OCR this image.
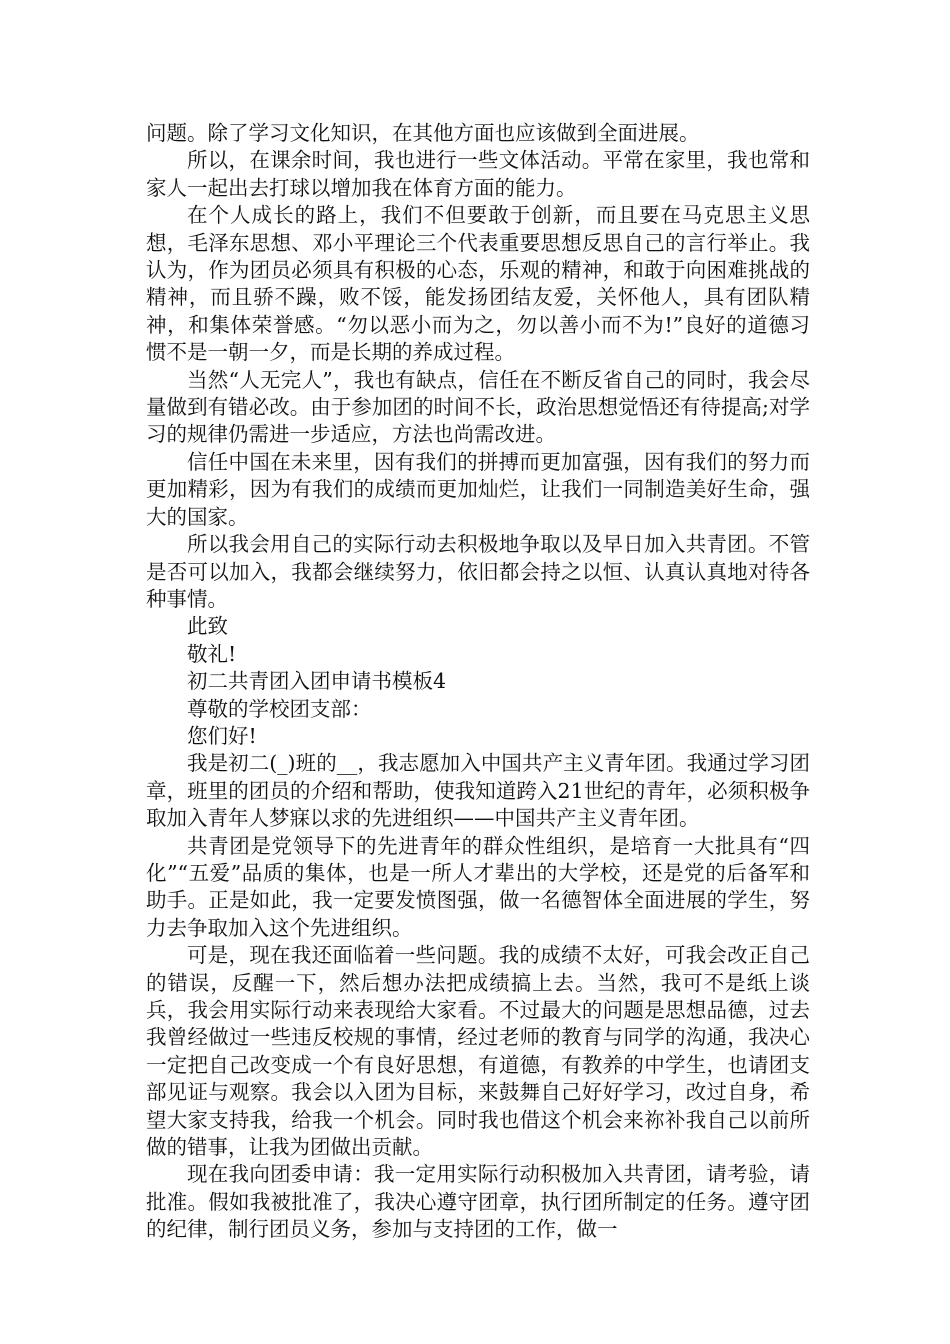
问题。除了学习文化知识，在其他方面也应该做到全面进展。

所以，在课余时间，我也进行一些文体活动。平常在家里，我也常和家人一起出去打球以增加我在体育方面的能力。

在个人成长的路上，我们不但要敢于创新，而且要在马克思主义思想，毛泽东思想、邓小平理论三个代表重要思想反思自己的言行举止。我认为，作为团员必须具有积极的心态，乐观的精神，和敢于向困难挑战的精神，而且骄不躁，败不馁，能发扬团结友爱，关怀他人，具有团队精神，和集体荣誉感。“勿以恶小而为之，勿以善小而不为!”良好的道德习惯不是一朝一夕，而是长期的养成过程。

当然“人无完人”，我也有缺点，信任在不断反省自己的同时，我会尽量做到有错必改。由于参加团的时间不长，政治思想觉悟还有待提高;对学习的规律仍需进一步适应，方法也尚需改进。

信任中国在未来里，因有我们的拼搏而更加富强，因有我们的努力而更加精彩，因为有我们的成绩而更加灿烂，让我们一同制造美好生命，强大的国家。

所以我会用自己的实际行动去积极地争取以及早日加入共青团。不管是否可以加入，我都会继续努力，依旧都会持之以恒、认真认真地对待各种事情。

此致

敬礼!

初二共青团入团申请书模板4

尊敬的学校团支部：

您们好!

我是初二(_)班的__，我志愿加入中国共产主义青年团。我通过学习团章，班里的团员的介绍和帮助，使我知道跨入21世纪的青年，必须积极争取加入青年人梦寐以求的先进组织——中国共产主义青年团。

共青团是党领导下的先进青年的群众性组织，是培育一大批具有“四化”“五爱”品质的集体，也是一所人才辈出的大学校，还是党的后备军和助手。正是如此，我一定要发愤图强，做一名德智体全面进展的学生，努力去争取加入这个先进组织。

可是，现在我还面临着一些问题。我的成绩不太好，可我会改正自己的错误，反醒一下，然后想办法把成绩搞上去。当然，我可不是纸上谈兵，我会用实际行动来表现给大家看。不过最大的问题是思想品德，过去我曾经做过一些违反校规的事情，经过老师的教育与同学的沟通，我决心一定把自己改变成一个有良好思想，有道德，有教养的中学生，也请团支部见证与观察。我会以入团为目标，来鼓舞自己好好学习，改过自身，希望大家支持我，给我一个机会。同时我也借这个机会来祢补我自己以前所做的错事，让我为团做出贡献。

现在我向团委申请：我一定用实际行动积极加入共青团，请考验，请批准。假如我被批准了，我决心遵守团章，执行团所制定的任务。遵守团的纪律，制行团员义务，参加与支持团的工作，做一
